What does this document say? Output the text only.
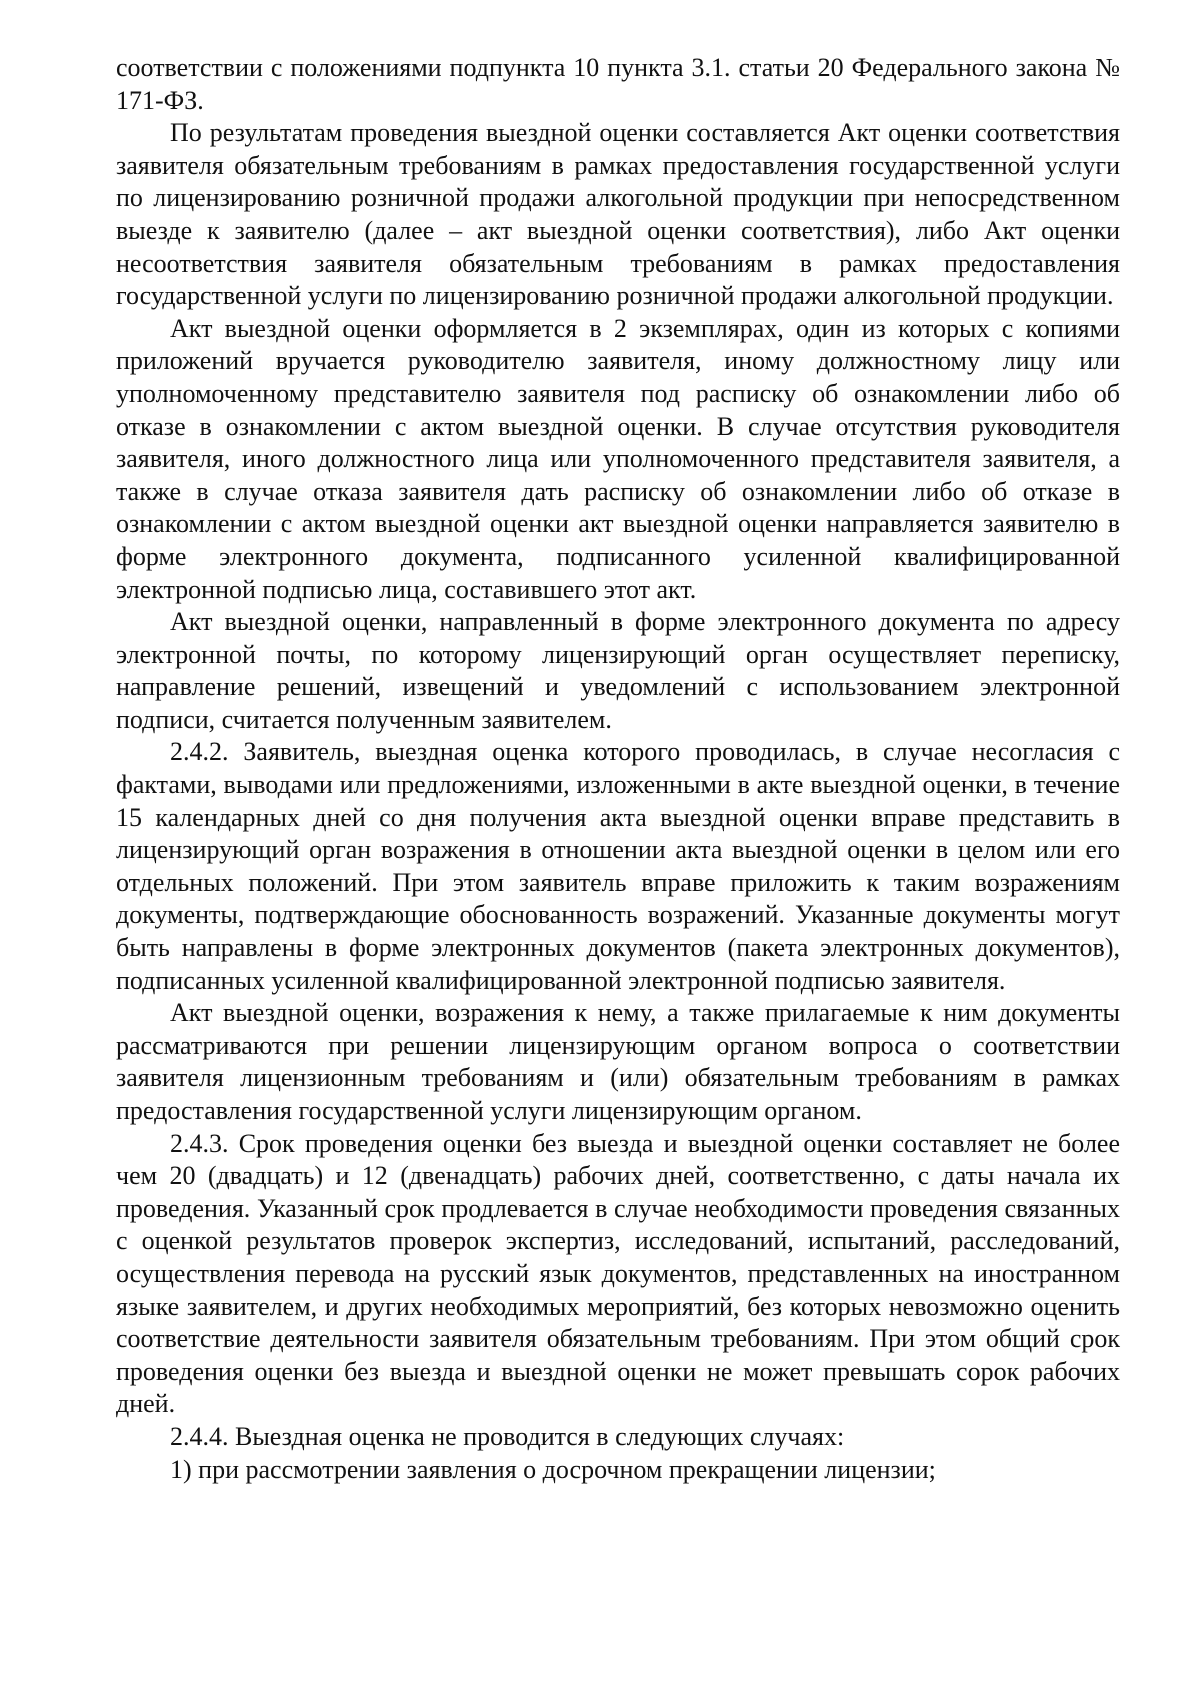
соответствии с положениями подпункта 10 пункта 3.1. статьи 20 Федерального закона № 171-ФЗ.

По результатам проведения выездной оценки составляется Акт оценки соответствия заявителя обязательным требованиям в рамках предоставления государственной услуги по лицензированию розничной продажи алкогольной продукции при непосредственном выезде к заявителю (далее – акт выездной оценки соответствия), либо Акт оценки несоответствия заявителя обязательным требованиям в рамках предоставления государственной услуги по лицензированию розничной продажи алкогольной продукции.

Акт выездной оценки оформляется в 2 экземплярах, один из которых с копиями приложений вручается руководителю заявителя, иному должностному лицу или уполномоченному представителю заявителя под расписку об ознакомлении либо об отказе в ознакомлении с актом выездной оценки. В случае отсутствия руководителя заявителя, иного должностного лица или уполномоченного представителя заявителя, а также в случае отказа заявителя дать расписку об ознакомлении либо об отказе в ознакомлении с актом выездной оценки акт выездной оценки направляется заявителю в форме электронного документа, подписанного усиленной квалифицированной электронной подписью лица, составившего этот акт.

Акт выездной оценки, направленный в форме электронного документа по адресу электронной почты, по которому лицензирующий орган осуществляет переписку, направление решений, извещений и уведомлений с использованием электронной подписи, считается полученным заявителем.

2.4.2. Заявитель, выездная оценка которого проводилась, в случае несогласия с фактами, выводами или предложениями, изложенными в акте выездной оценки, в течение 15 календарных дней со дня получения акта выездной оценки вправе представить в лицензирующий орган возражения в отношении акта выездной оценки в целом или его отдельных положений. При этом заявитель вправе приложить к таким возражениям документы, подтверждающие обоснованность возражений. Указанные документы могут быть направлены в форме электронных документов (пакета электронных документов), подписанных усиленной квалифицированной электронной подписью заявителя.

Акт выездной оценки, возражения к нему, а также прилагаемые к ним документы рассматриваются при решении лицензирующим органом вопроса о соответствии заявителя лицензионным требованиям и (или) обязательным требованиям в рамках предоставления государственной услуги лицензирующим органом.

2.4.3. Срок проведения оценки без выезда и выездной оценки составляет не более чем 20 (двадцать) и 12 (двенадцать) рабочих дней, соответственно, с даты начала их проведения. Указанный срок продлевается в случае необходимости проведения связанных с оценкой результатов проверок экспертиз, исследований, испытаний, расследований, осуществления перевода на русский язык документов, представленных на иностранном языке заявителем, и других необходимых мероприятий, без которых невозможно оценить соответствие деятельности заявителя обязательным требованиям. При этом общий срок проведения оценки без выезда и выездной оценки не может превышать сорок рабочих дней.

2.4.4. Выездная оценка не проводится в следующих случаях:

1) при рассмотрении заявления о досрочном прекращении лицензии;
